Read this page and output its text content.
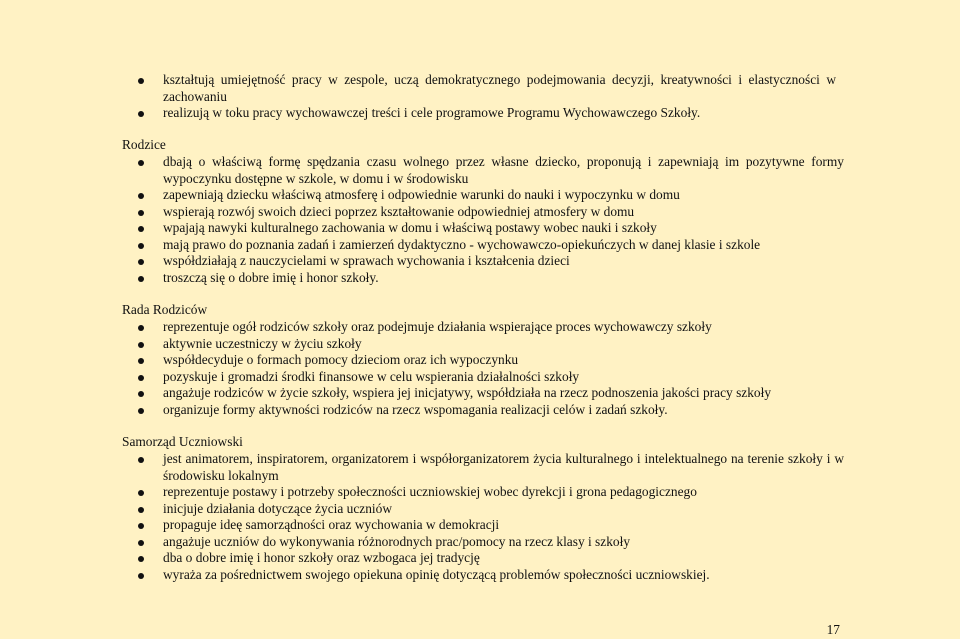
kształtują umiejętność pracy w zespole, uczą demokratycznego podejmowania decyzji, kreatywności i elastyczności w zachowaniu
realizują w toku pracy wychowawczej treści i cele programowe Programu Wychowawczego Szkoły.

Rodzice

dbają o właściwą formę spędzania czasu wolnego przez własne dziecko, proponują i zapewniają im pozytywne formy wypoczynku dostępne w szkole, w domu i w środowisku
zapewniają dziecku właściwą atmosferę i odpowiednie warunki do nauki i wypoczynku w domu
wspierają rozwój swoich dzieci poprzez kształtowanie odpowiedniej atmosfery w domu
wpajają nawyki kulturalnego zachowania w domu i właściwą postawy wobec nauki i szkoły
mają prawo do poznania zadań i zamierzeń dydaktyczno - wychowawczo-opiekuńczych w danej klasie i szkole
współdziałają z nauczycielami w sprawach wychowania i kształcenia dzieci
troszczą się o dobre imię i honor szkoły.

Rada Rodziców

reprezentuje ogół rodziców szkoły oraz podejmuje działania wspierające proces wychowawczy szkoły
aktywnie uczestniczy w życiu szkoły
współdecyduje o formach pomocy dzieciom oraz ich wypoczynku
pozyskuje i gromadzi środki finansowe w celu wspierania działalności szkoły
angażuje rodziców w życie szkoły, wspiera jej inicjatywy, współdziała na rzecz podnoszenia jakości pracy szkoły
organizuje formy aktywności rodziców na rzecz wspomagania realizacji celów i zadań szkoły.

Samorząd Uczniowski

jest animatorem, inspiratorem, organizatorem i współorganizatorem życia kulturalnego i intelektualnego na terenie szkoły i w środowisku lokalnym
reprezentuje postawy i potrzeby społeczności uczniowskiej wobec dyrekcji i grona pedagogicznego
inicjuje działania dotyczące życia uczniów
propaguje ideę samorządności oraz wychowania w demokracji
angażuje uczniów do wykonywania różnorodnych prac/pomocy na rzecz klasy i szkoły
dba o dobre imię i honor szkoły oraz wzbogaca jej tradycję
wyraża za pośrednictwem swojego opiekuna opinię dotyczącą problemów społeczności uczniowskiej.
17
